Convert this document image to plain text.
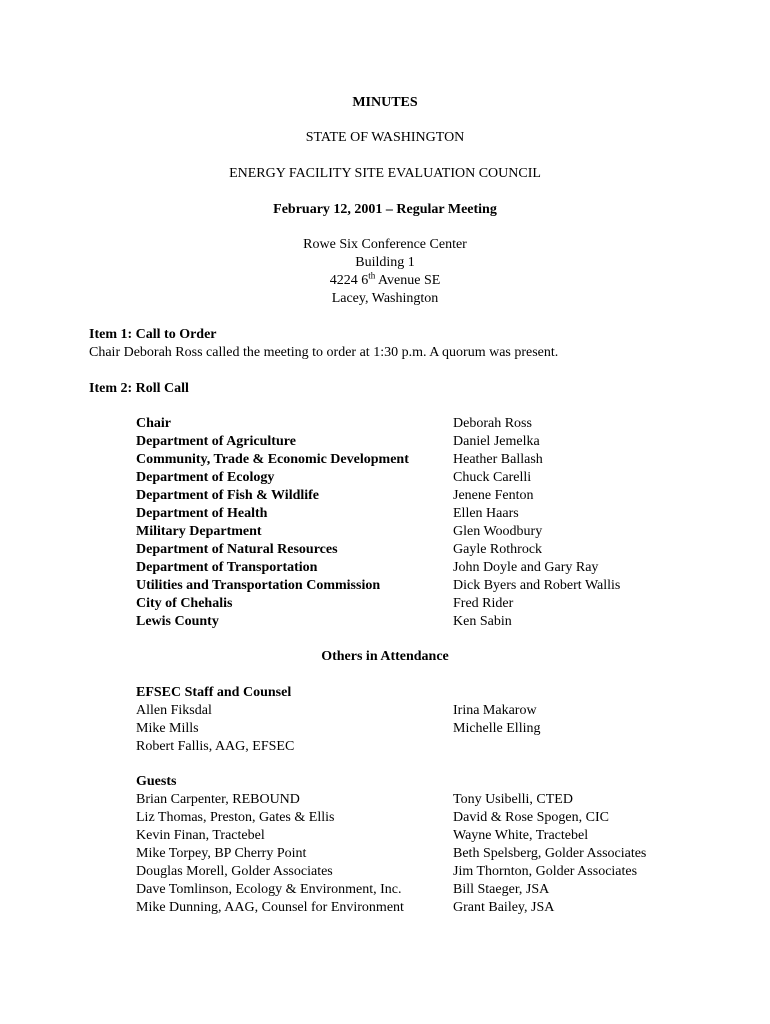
MINUTES
STATE OF WASHINGTON
ENERGY FACILITY SITE EVALUATION COUNCIL
February 12, 2001 – Regular Meeting
Rowe Six Conference Center
Building 1
4224 6th Avenue SE
Lacey, Washington
Item 1: Call to Order
Chair Deborah Ross called the meeting to order at 1:30 p.m. A quorum was present.
Item 2: Roll Call
Chair	Deborah Ross
Department of Agriculture	Daniel Jemelka
Community, Trade & Economic Development	Heather Ballash
Department of Ecology	Chuck Carelli
Department of Fish & Wildlife	Jenene Fenton
Department of Health	Ellen Haars
Military Department	Glen Woodbury
Department of Natural Resources	Gayle Rothrock
Department of Transportation	John Doyle and Gary Ray
Utilities and Transportation Commission	Dick Byers and Robert Wallis
City of Chehalis	Fred Rider
Lewis County	Ken Sabin
Others in Attendance
EFSEC Staff and Counsel
Allen Fiksdal	Irina Makarow
Mike Mills	Michelle Elling
Robert Fallis, AAG, EFSEC
Guests
Brian Carpenter, REBOUND	Tony Usibelli, CTED
Liz Thomas, Preston, Gates & Ellis	David & Rose Spogen, CIC
Kevin Finan, Tractebel	Wayne White, Tractebel
Mike Torpey, BP Cherry Point	Beth Spelsberg, Golder Associates
Douglas Morell, Golder Associates	Jim Thornton, Golder Associates
Dave Tomlinson, Ecology & Environment, Inc.	Bill Staeger, JSA
Mike Dunning, AAG, Counsel for Environment	Grant Bailey, JSA
